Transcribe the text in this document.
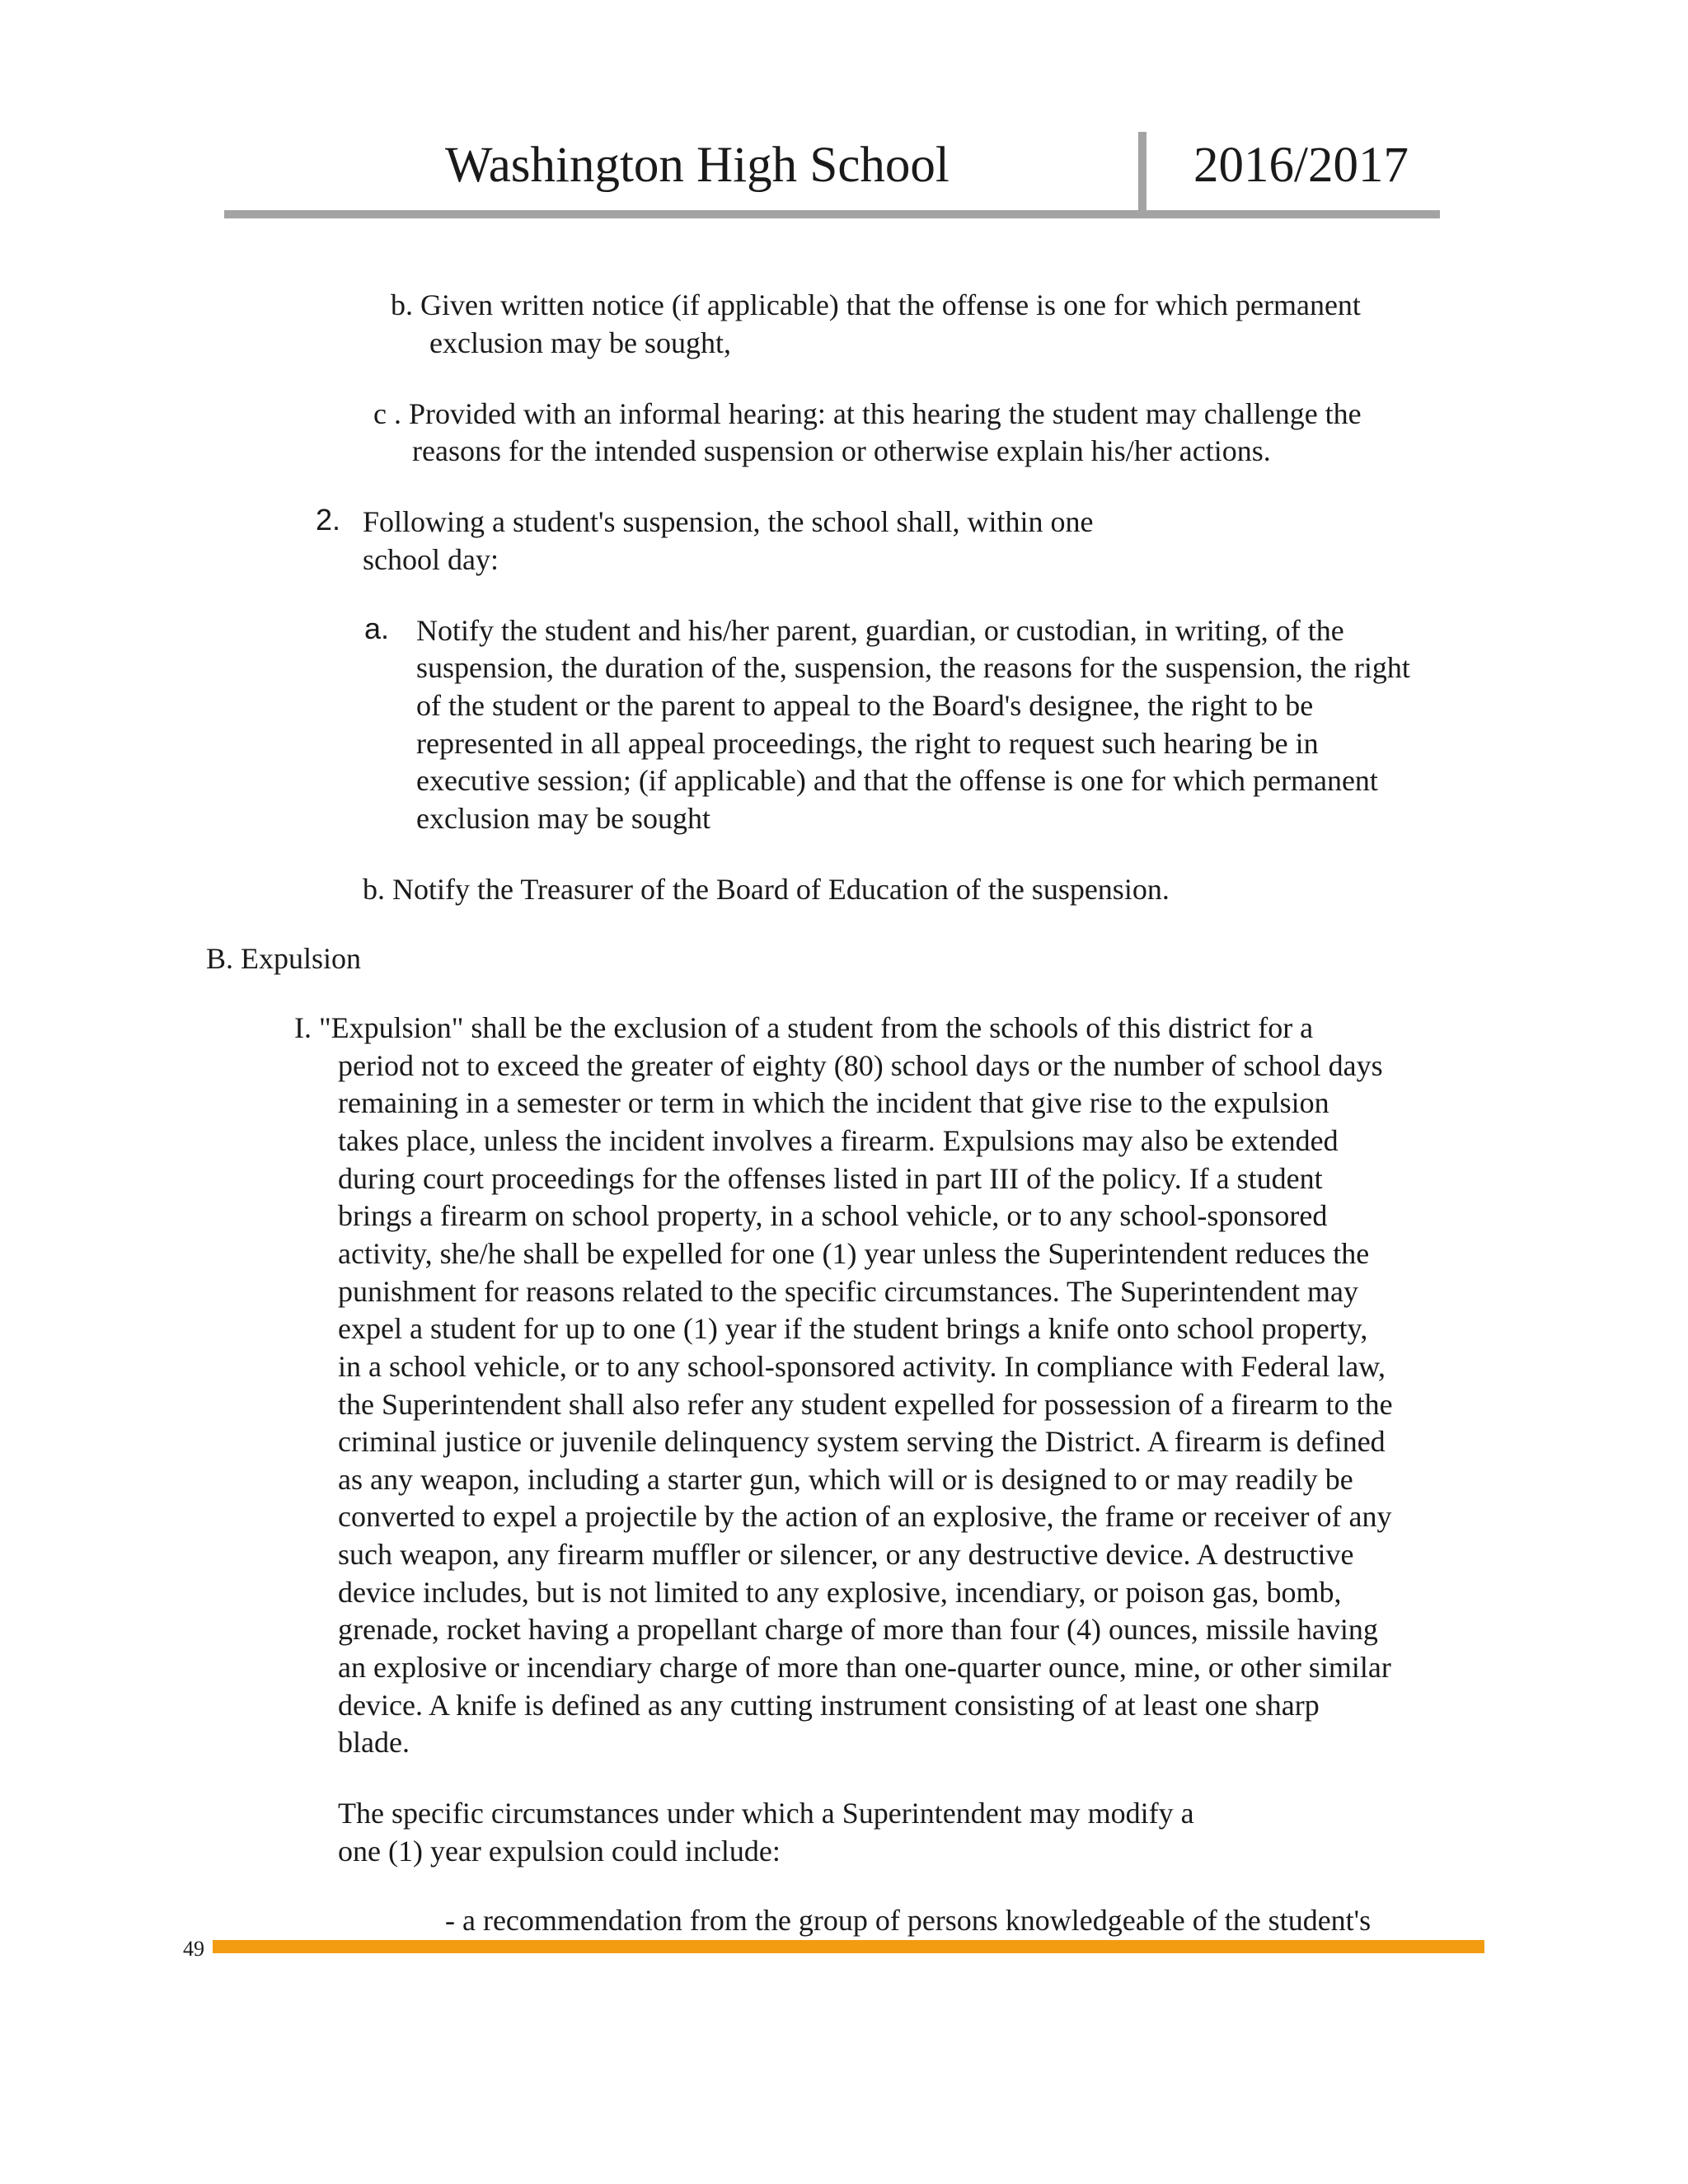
Washington High School	2016/2017
b. Given written notice (if applicable) that the offense is one for which permanent
exclusion may be sought,
c . Provided with an informal hearing: at this hearing the student may challenge the
reasons for the intended suspension or otherwise explain his/her actions.
2. Following a student's suspension, the school shall, within one
school day:
a. Notify the student and his/her parent, guardian, or custodian, in writing, of the
suspension, the duration of the, suspension, the reasons for the suspension, the right
of the student or the parent to appeal to the Board's designee, the right to be
represented in all appeal proceedings, the right to request such hearing be in
executive session; (if applicable) and that the offense is one for which permanent
exclusion may be sought
b. Notify the Treasurer of the Board of Education of the suspension.
B. Expulsion
I. "Expulsion" shall be the exclusion of a student from the schools of this district for a
period not to exceed the greater of eighty (80) school days or the number of school days
remaining in a semester or term in which the incident that give rise to the expulsion
takes place, unless the incident involves a firearm. Expulsions may also be extended
during court proceedings for the offenses listed in part III of the policy. If a student
brings a firearm on school property, in a school vehicle, or to any school-sponsored
activity, she/he shall be expelled for one (1) year unless the Superintendent reduces the
punishment for reasons related to the specific circumstances. The Superintendent may
expel a student for up to one (1) year if the student brings a knife onto school property,
in a school vehicle, or to any school-sponsored activity. In compliance with Federal law,
the Superintendent shall also refer any student expelled for possession of a firearm to the
criminal justice or juvenile delinquency system serving the District. A firearm is defined
as any weapon, including a starter gun, which will or is designed to or may readily be
converted to expel a projectile by the action of an explosive, the frame or receiver of any
such weapon, any firearm muffler or silencer, or any destructive device. A destructive
device includes, but is not limited to any explosive, incendiary, or poison gas, bomb,
grenade, rocket having a propellant charge of more than four (4) ounces, missile having
an explosive or incendiary charge of more than one-quarter ounce, mine, or other similar
device. A knife is defined as any cutting instrument consisting of at least one sharp
blade.
The specific circumstances under which a Superintendent may modify a
one (1) year expulsion could include:
- a recommendation from the group of persons knowledgeable of the student's
49
